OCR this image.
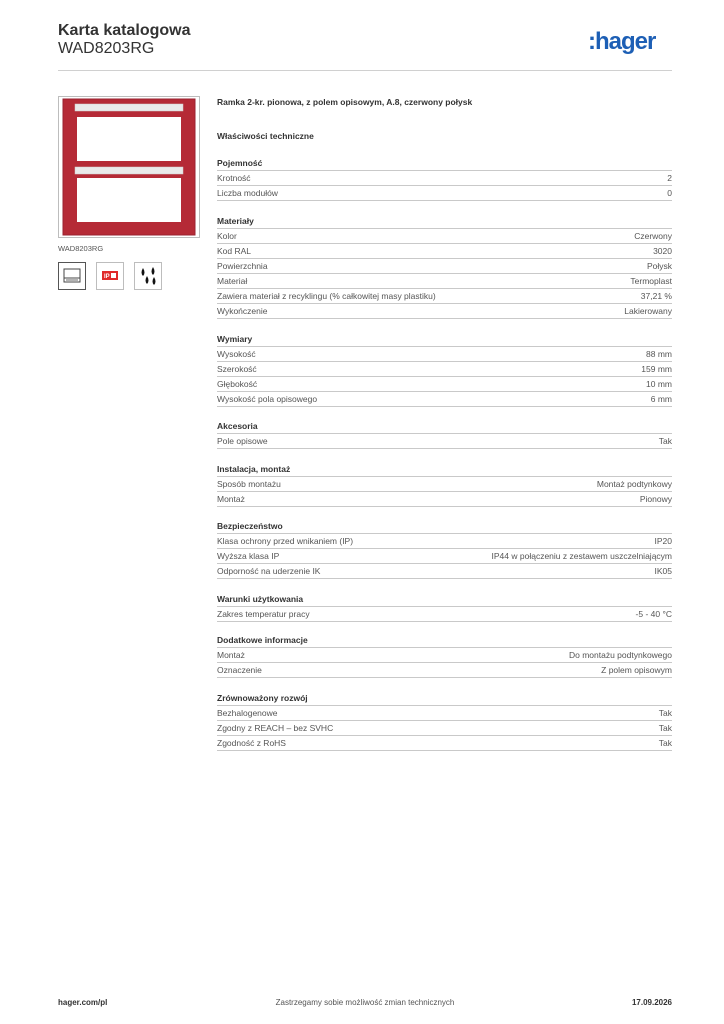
Karta katalogowa
WAD8203RG	:hager
WAD8203RG
IP
Ramka 2-kr. pionowa, z polem opisowym, A.8, czerwony połysk
Właściwości techniczne
Pojemność
Krotność	2
Liczba modułów	0
Materiały
Kolor	Czerwony
Kod RAL	3020
Powierzchnia	Połysk
Materiał	Termoplast
Zawiera materiał z recyklingu (% całkowitej masy plastiku)	37,21 %
Wykończenie	Lakierowany
Wymiary
Wysokość	88 mm
Szerokość	159 mm
Głębokość	10 mm
Wysokość pola opisowego	6 mm
Akcesoria
Pole opisowe	Tak
Instalacja, montaż
Sposób montażu	Montaż podtynkowy
Montaż	Pionowy
Bezpieczeństwo
Klasa ochrony przed wnikaniem (IP)	IP20
Wyższa klasa IP	IP44 w połączeniu z zestawem uszczelniającym
Odporność na uderzenie IK	IK05
Warunki użytkowania
Zakres temperatur pracy	-5 - 40 °C
Dodatkowe informacje
Montaż	Do montażu podtynkowego
Oznaczenie	Z polem opisowym
Zrównoważony rozwój
Bezhalogenowe	Tak
Zgodny z REACH – bez SVHC	Tak
Zgodność z RoHS	Tak
hager.com/pl	Zastrzegamy sobie możliwość zmian technicznych	17.09.2026
